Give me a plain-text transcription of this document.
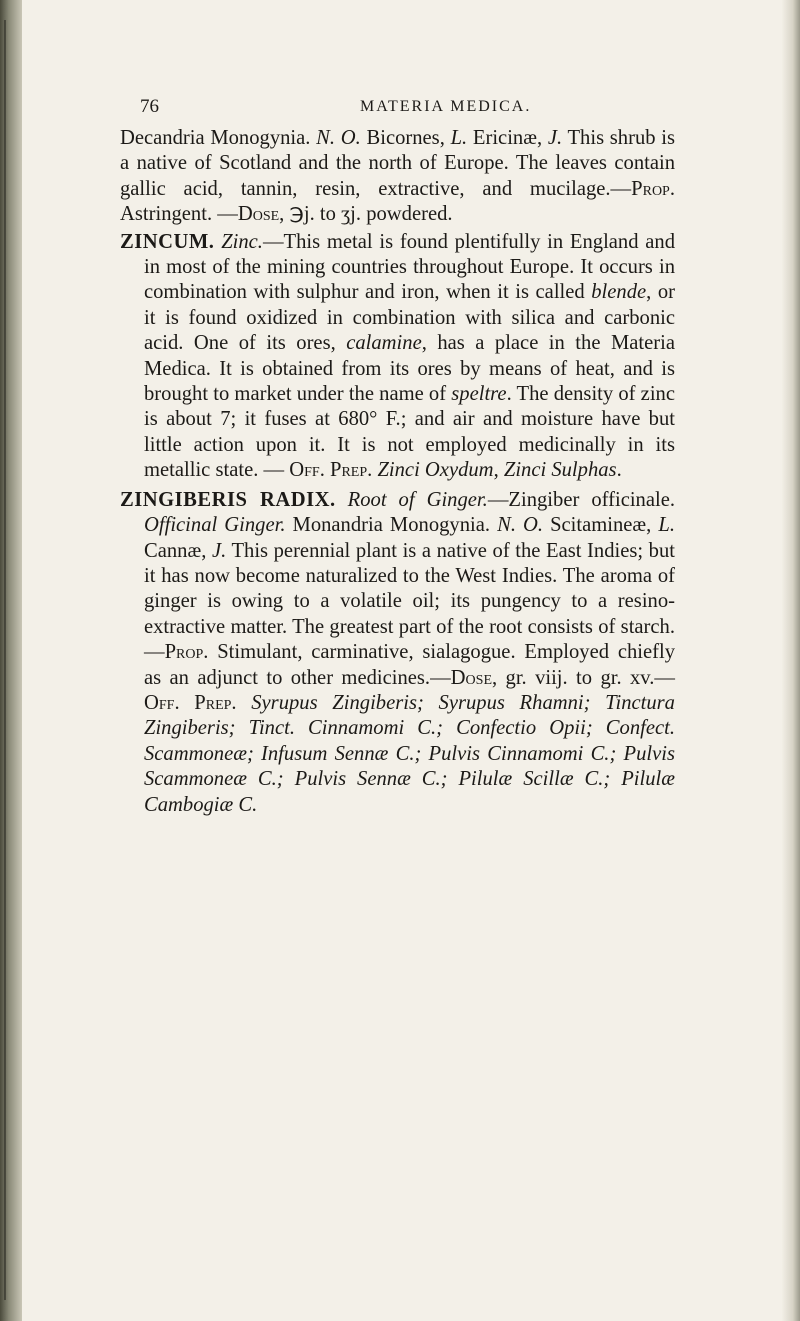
76	MATERIA MEDICA.

Decandria Monogynia. N. O. Bicornes, L. Ericinæ, J. This shrub is a native of Scotland and the north of Europe. The leaves contain gallic acid, tannin, resin, extractive, and mucilage.—Prop. Astringent. —Dose, ℈j. to ʒj. powdered.

ZINCUM. Zinc.—This metal is found plentifully in England and in most of the mining countries throughout Europe. It occurs in combination with sulphur and iron, when it is called blende, or it is found oxidized in combination with silica and carbonic acid. One of its ores, calamine, has a place in the Materia Medica. It is obtained from its ores by means of heat, and is brought to market under the name of speltre. The density of zinc is about 7; it fuses at 680° F.; and air and moisture have but little action upon it. It is not employed medicinally in its metallic state. — Off. Prep. Zinci Oxydum, Zinci Sulphas.

ZINGIBERIS RADIX. Root of Ginger.—Zingiber officinale. Officinal Ginger. Monandria Monogynia. N. O. Scitamineæ, L. Cannæ, J. This perennial plant is a native of the East Indies; but it has now become naturalized to the West Indies. The aroma of ginger is owing to a volatile oil; its pungency to a resino-extractive matter. The greatest part of the root consists of starch.—Prop. Stimulant, carminative, sialagogue. Employed chiefly as an adjunct to other medicines.—Dose, gr. viij. to gr. xv.—Off. Prep. Syrupus Zingiberis; Syrupus Rhamni; Tinctura Zingiberis; Tinct. Cinnamomi C.; Confectio Opii; Confect. Scammoneæ; Infusum Sennæ C.; Pulvis Cinnamomi C.; Pulvis Scammoneæ C.; Pulvis Sennæ C.; Pilulæ Scillæ C.; Pilulæ Cambogiæ C.
